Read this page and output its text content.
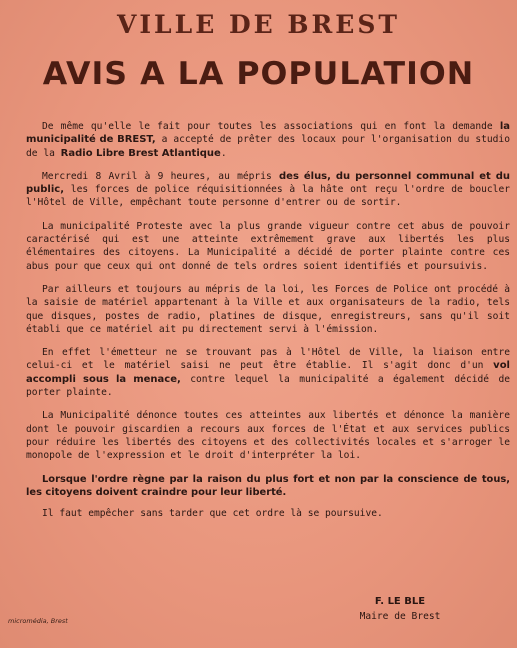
VILLE DE BREST
AVIS A LA POPULATION

De même qu'elle le fait pour toutes les associations qui en font la demande la municipalité de BREST, a accepté de prêter des locaux pour l'organisation du studio de la Radio Libre Brest Atlantique.

Mercredi 8 Avril à 9 heures, au mépris des élus, du personnel communal et du public, les forces de police réquisitionnées à la hâte ont reçu l'ordre de boucler l'Hôtel de Ville, empêchant toute personne d'entrer ou de sortir.

La municipalité Proteste avec la plus grande vigueur contre cet abus de pouvoir caractérisé qui est une atteinte extrêmement grave aux libertés les plus élémentaires des citoyens. La Municipalité a décidé de porter plainte contre ces abus pour que ceux qui ont donné de tels ordres soient identifiés et poursuivis.

Par ailleurs et toujours au mépris de la loi, les Forces de Police ont procédé à la saisie de matériel appartenant à la Ville et aux organisateurs de la radio, tels que disques, postes de radio, platines de disque, enregistreurs, sans qu'il soit établi que ce matériel ait pu directement servi à l'émission.

En effet l'émetteur ne se trouvant pas à l'Hôtel de Ville, la liaison entre celui-ci et le matériel saisi ne peut être établie. Il s'agit donc d'un vol accompli sous la menace, contre lequel la municipalité a également décidé de porter plainte.

La Municipalité dénonce toutes ces atteintes aux libertés et dénonce la manière dont le pouvoir giscardien a recours aux forces de l'État et aux services publics pour réduire les libertés des citoyens et des collectivités locales et s'arroger le monopole de l'expression et le droit d'interpréter la loi.

Lorsque l'ordre règne par la raison du plus fort et non par la conscience de tous, les citoyens doivent craindre pour leur liberté.

Il faut empêcher sans tarder que cet ordre là se poursuive.

F. LE BLE
Maire de Brest
micromédia, Brest
